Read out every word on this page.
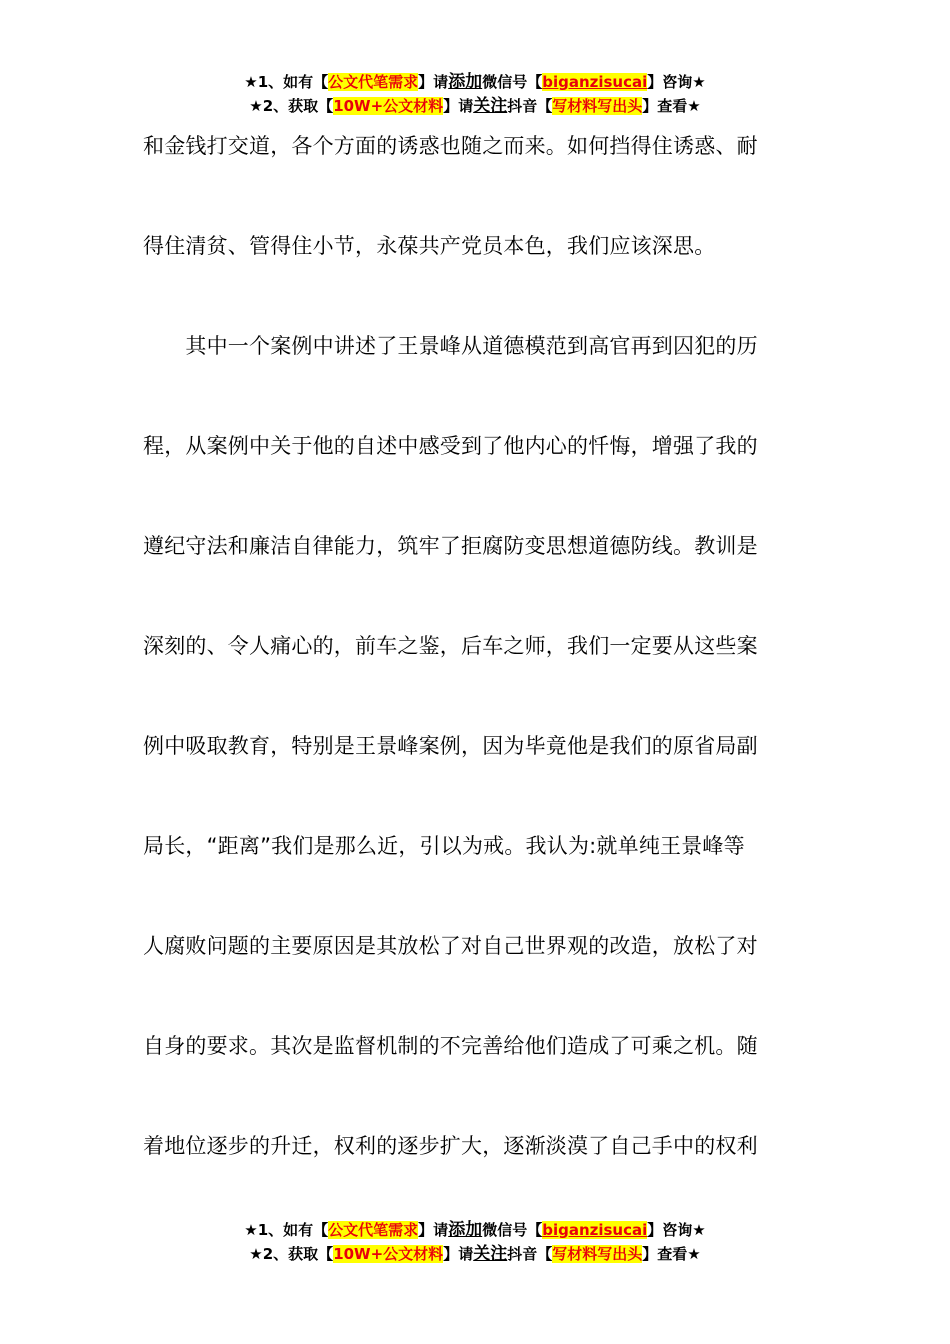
★1、如有【公文代笔需求】请添加微信号【biganzisucai】咨询★
★2、获取【10W+公文材料】请关注抖音【写材料写出头】查看★
和金钱打交道，各个方面的诱惑也随之而来。如何挡得住诱惑、耐
得住清贫、管得住小节，永葆共产党员本色，我们应该深思。
　　其中一个案例中讲述了王景峰从道德模范到高官再到囚犯的历
程，从案例中关于他的自述中感受到了他内心的忏悔，增强了我的
遵纪守法和廉洁自律能力，筑牢了拒腐防变思想道德防线。教训是
深刻的、令人痛心的，前车之鉴，后车之师，我们一定要从这些案
例中吸取教育，特别是王景峰案例，因为毕竟他是我们的原省局副
局长，“距离”我们是那么近，引以为戒。我认为:就单纯王景峰等
人腐败问题的主要原因是其放松了对自己世界观的改造，放松了对
自身的要求。其次是监督机制的不完善给他们造成了可乘之机。随
着地位逐步的升迁，权利的逐步扩大，逐渐淡漠了自己手中的权利
★1、如有【公文代笔需求】请添加微信号【biganzisucai】咨询★
★2、获取【10W+公文材料】请关注抖音【写材料写出头】查看★
